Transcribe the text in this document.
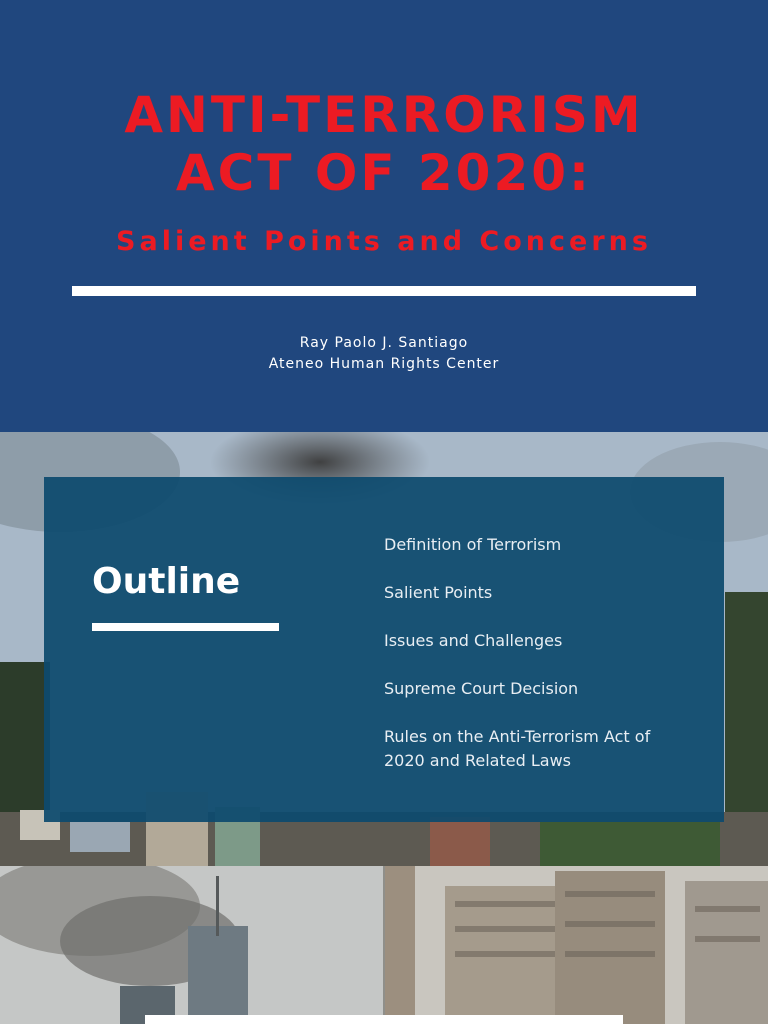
ANTI-TERRORISM
ACT OF 2020:
Salient Points and Concerns
Ray Paolo J. Santiago
Ateneo Human Rights Center
Outline
Definition of Terrorism
Salient Points
Issues and Challenges
Supreme Court Decision
Rules on the Anti-Terrorism Act of 2020 and Related Laws
